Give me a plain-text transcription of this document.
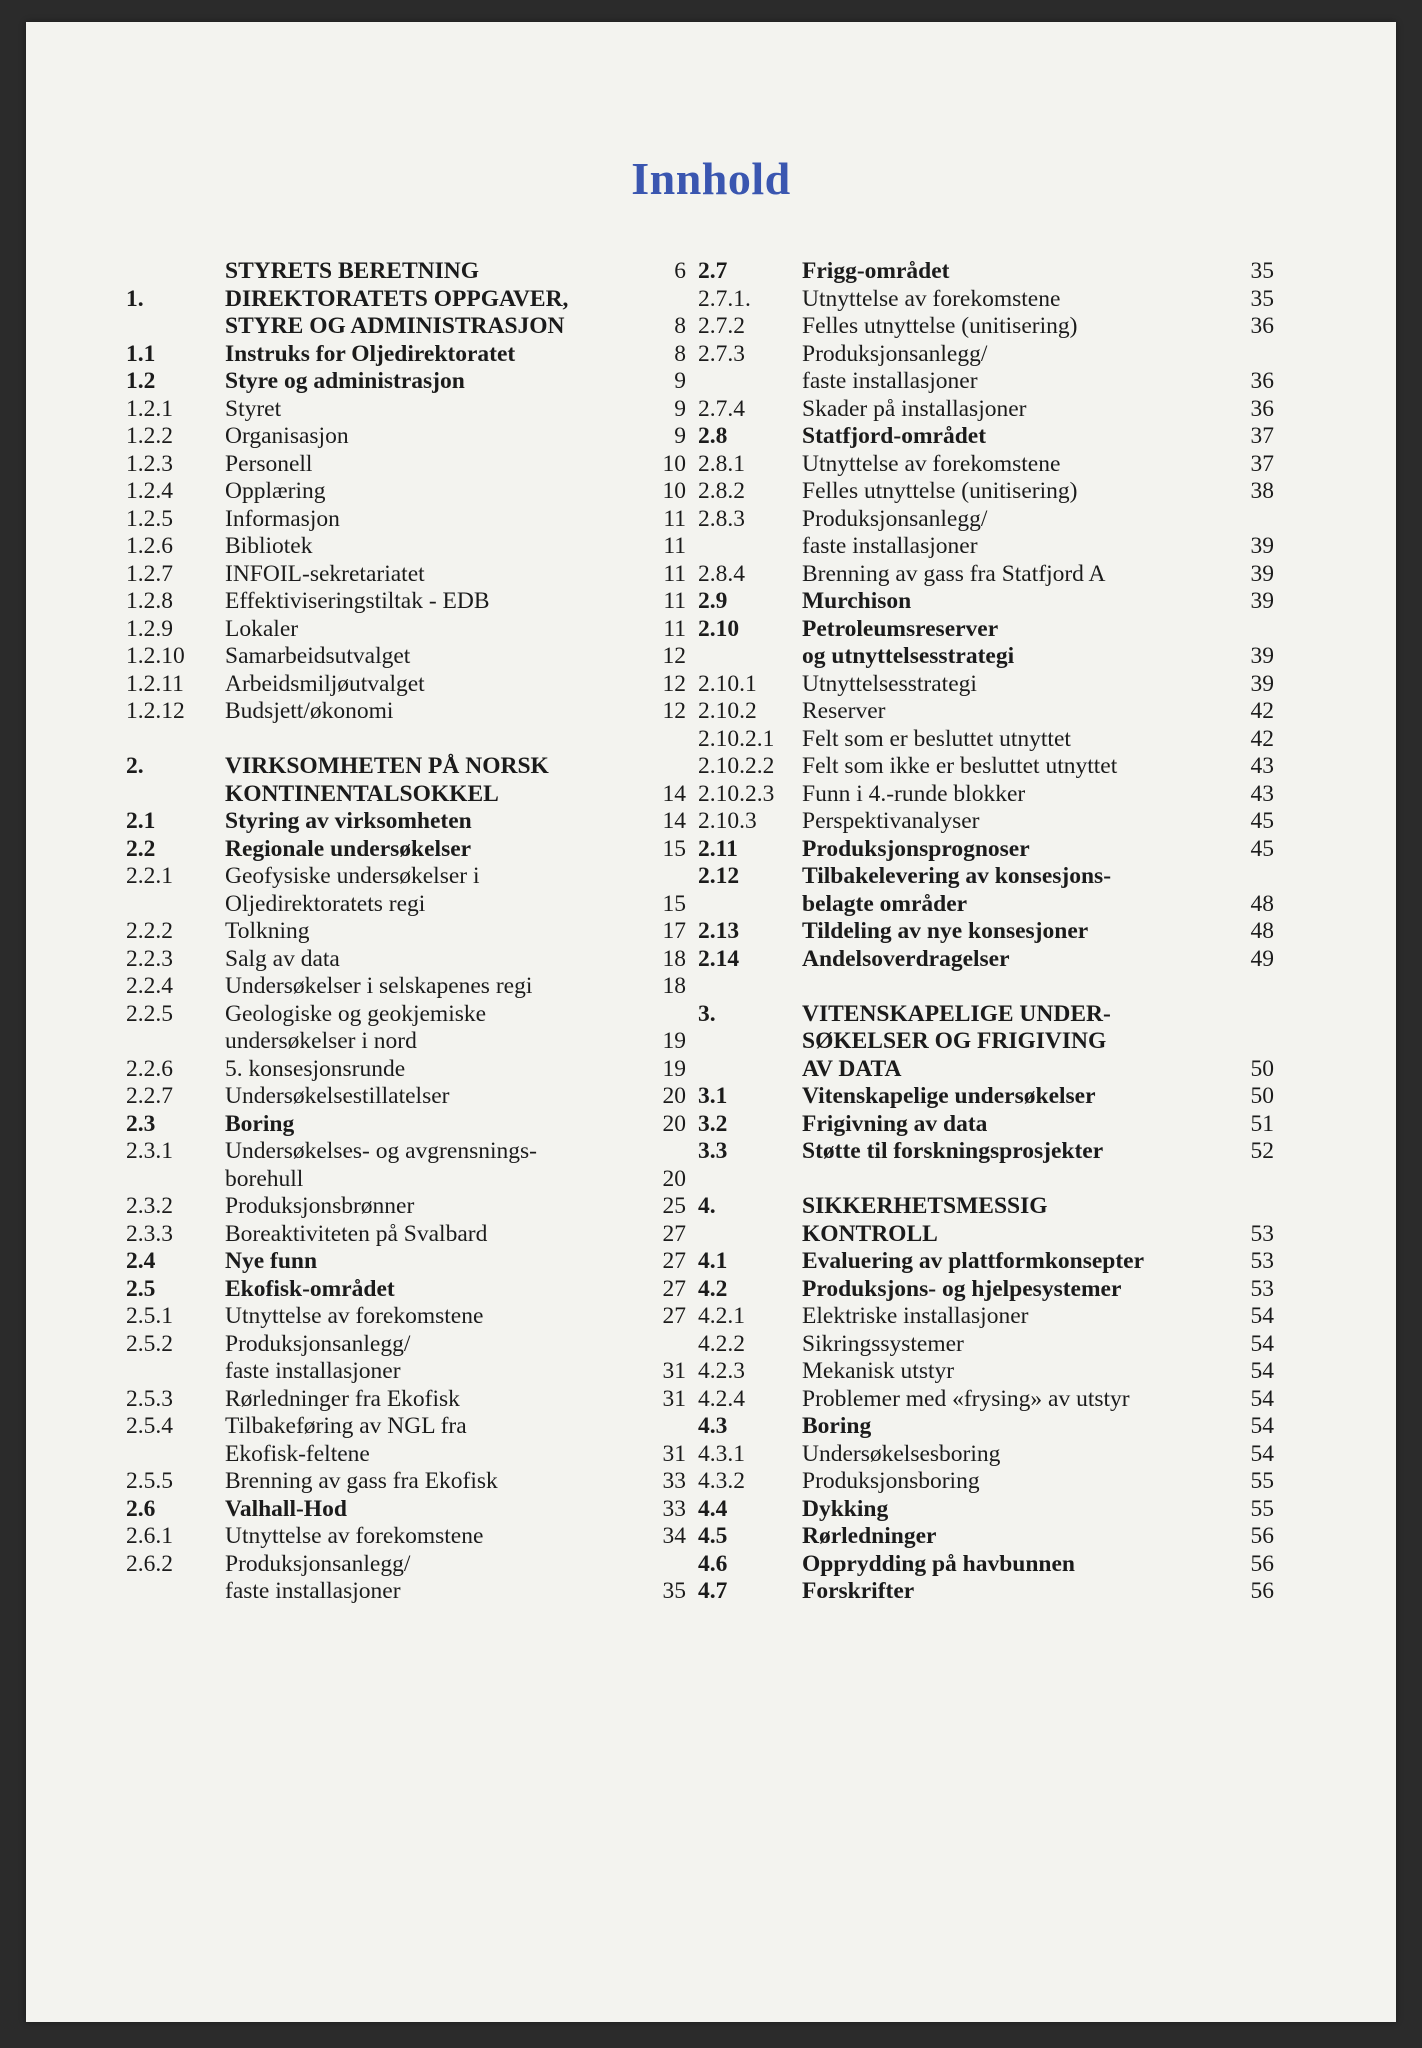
Innhold
STYRETS BERETNING	6
1.	DIREKTORATETS OPPGAVER,
STYRE OG ADMINISTRASJON	8
1.1	Instruks for Oljedirektoratet	8
1.2	Styre og administrasjon	9
1.2.1 Styret	9
1.2.2 Organisasjon	9
1.2.3 Personell	10
1.2.4 Opplæring	10
1.2.5 Informasjon	11
1.2.6 Bibliotek	11
1.2.7 INFOIL-sekretariatet	11
1.2.8 Effektiviseringstiltak - EDB	11
1.2.9 Lokaler	11
1.2.10 Samarbeidsutvalget	12
1.2.11 Arbeidsmiljøutvalget	12
1.2.12 Budsjett/økonomi	12
2.	VIRKSOMHETEN PÅ NORSK
KONTINENTALSOKKEL	14
2.1	Styring av virksomheten	14
2.2	Regionale undersøkelser	15
2.2.1 Geofysiske undersøkelser i
Oljedirektoratets regi	15
2.2.2 Tolkning	17
2.2.3 Salg av data	18
2.2.4 Undersøkelser i selskapenes regi	18
2.2.5 Geologiske og geokjemiske
undersøkelser i nord	19
2.2.6 5. konsesjonsrunde	19
2.2.7 Undersøkelsestillatelser	20
2.3	Boring	20
2.3.1 Undersøkelses- og avgrensnings-
borehull	20
2.3.2 Produksjonsbrønner	25
2.3.3 Boreaktiviteten på Svalbard	27
2.4	Nye funn	27
2.5	Ekofisk-området	27
2.5.1 Utnyttelse av forekomstene	27
2.5.2 Produksjonsanlegg/
faste installasjoner	31
2.5.3 Rørledninger fra Ekofisk	31
2.5.4 Tilbakeføring av NGL fra
Ekofisk-feltene	31
2.5.5 Brenning av gass fra Ekofisk	33
2.6	Valhall-Hod	33
2.6.1 Utnyttelse av forekomstene	34
2.6.2 Produksjonsanlegg/
faste installasjoner	35
2.7	Frigg-området	35
2.7.1. Utnyttelse av forekomstene	35
2.7.2 Felles utnyttelse (unitisering)	36
2.7.3 Produksjonsanlegg/
faste installasjoner	36
2.7.4 Skader på installasjoner	36
2.8	Statfjord-området	37
2.8.1 Utnyttelse av forekomstene	37
2.8.2 Felles utnyttelse (unitisering)	38
2.8.3 Produksjonsanlegg/
faste installasjoner	39
2.8.4 Brenning av gass fra Statfjord A	39
2.9	Murchison	39
2.10	Petroleumsreserver
og utnyttelsesstrategi	39
2.10.1 Utnyttelsesstrategi	39
2.10.2 Reserver	42
2.10.2.1 Felt som er besluttet utnyttet	42
2.10.2.2 Felt som ikke er besluttet utnyttet	43
2.10.2.3 Funn i 4.-runde blokker	43
2.10.3 Perspektivanalyser	45
2.11	Produksjonsprognoser	45
2.12	Tilbakelevering av konsesjons-
belagte områder	48
2.13	Tildeling av nye konsesjoner	48
2.14	Andelsoverdragelser	49
3.	VITENSKAPELIGE UNDER-
SØKELSER OG FRIGIVING
AV DATA	50
3.1	Vitenskapelige undersøkelser	50
3.2	Frigivning av data	51
3.3	Støtte til forskningsprosjekter	52
4.	SIKKERHETSMESSIG
KONTROLL	53
4.1	Evaluering av plattformkonsepter	53
4.2	Produksjons- og hjelpesystemer	53
4.2.1 Elektriske installasjoner	54
4.2.2 Sikringssystemer	54
4.2.3 Mekanisk utstyr	54
4.2.4 Problemer med «frysing» av utstyr	54
4.3	Boring	54
4.3.1 Undersøkelsesboring	54
4.3.2 Produksjonsboring	55
4.4	Dykking	55
4.5	Rørledninger	56
4.6	Opprydding på havbunnen	56
4.7	Forskrifter	56
